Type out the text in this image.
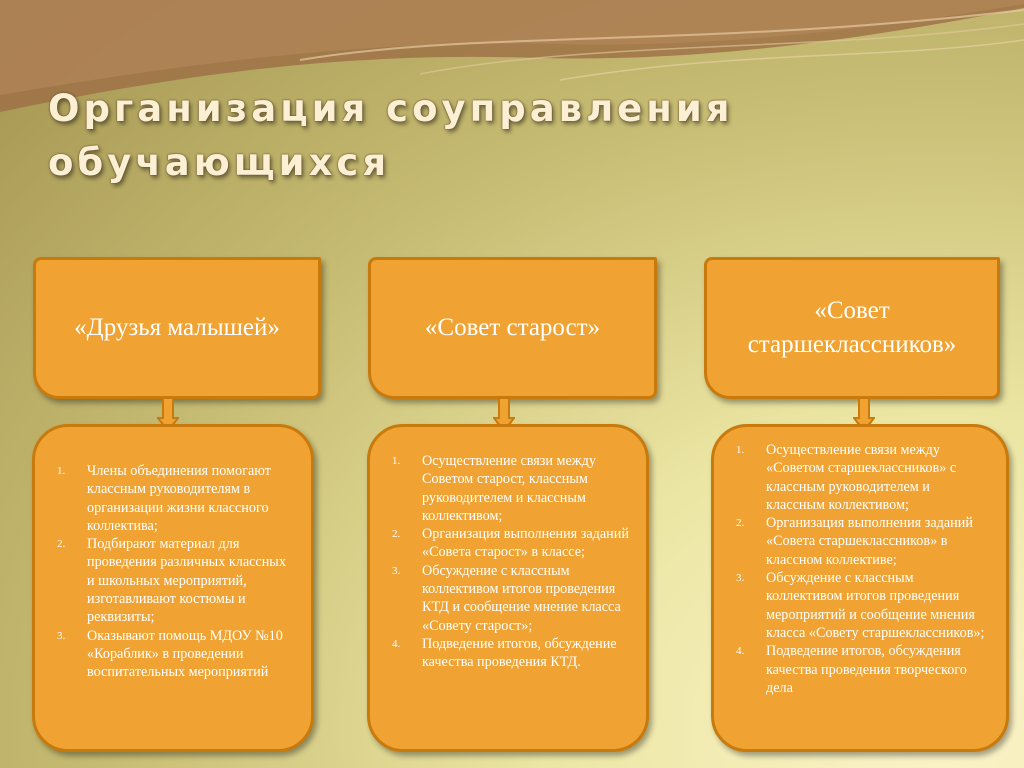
Организация соуправления
обучающихся
«Друзья малышей»
1. Члены объединения помогают классным руководителям в организации жизни классного коллектива;
2. Подбирают материал для проведения различных классных и школьных мероприятий, изготавливают костюмы и реквизиты;
3. Оказывают помощь МДОУ №10 «Кораблик» в проведении воспитательных мероприятий
«Совет старост»
1. Осуществление связи между Советом старост, классным руководителем и классным коллективом;
2. Организация выполнения заданий «Совета старост» в классе;
3. Обсуждение с классным коллективом итогов проведения КТД и сообщение мнение класса «Совету старост»;
4. Подведение итогов, обсуждение качества проведения КТД.
«Совет старшеклассников»
1. Осуществление связи между «Советом старшеклассников» с классным руководителем и классным коллективом;
2. Организация выполнения заданий «Совета старшеклассников» в классном коллективе;
3. Обсуждение с классным коллективом итогов проведения мероприятий и сообщение мнения класса «Совету старшеклассников»;
4. Подведение итогов, обсуждения качества проведения творческого дела
